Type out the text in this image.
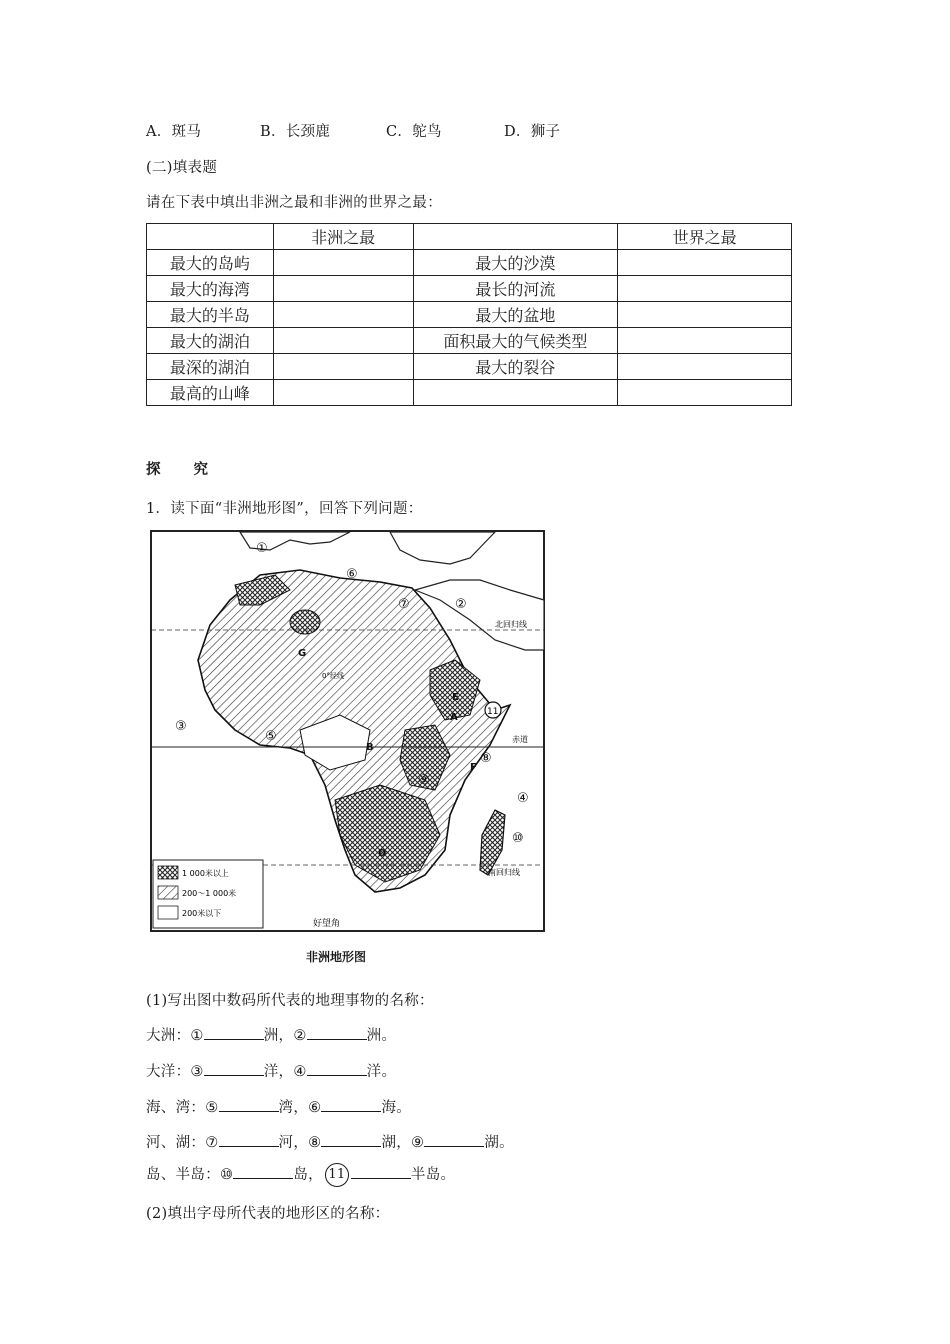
A．斑马	B．长颈鹿	C．鸵鸟	D．狮子
(二)填表题
请在下表中填出非洲之最和非洲的世界之最：
	非洲之最		世界之最
最大的岛屿		最大的沙漠	
最大的海湾		最长的河流	
最大的半岛		最大的盆地	
最大的湖泊		面积最大的气候类型	
最深的湖泊		最大的裂谷	
最高的山峰			
探 究
1．读下面“非洲地形图”，回答下列问题：
北回归线
赤道
南回归线
好望角
0°经线
①
②
③
④
⑤
⑥
⑦
⑧
⑨
⑩
11
A
B
D
E
F
G
1 000米以上
200～1 000米
200米以下
非洲地形图
(1)写出图中数码所代表的地理事物的名称：
大洲：①	洲，②	洲。
大洋：③	洋，④	洋。
海、湾：⑤	湾，⑥	海。
河、湖：⑦	河，⑧	湖，⑨	湖。
岛、半岛：⑩	岛， 11	半岛。
(2)填出字母所代表的地形区的名称：
